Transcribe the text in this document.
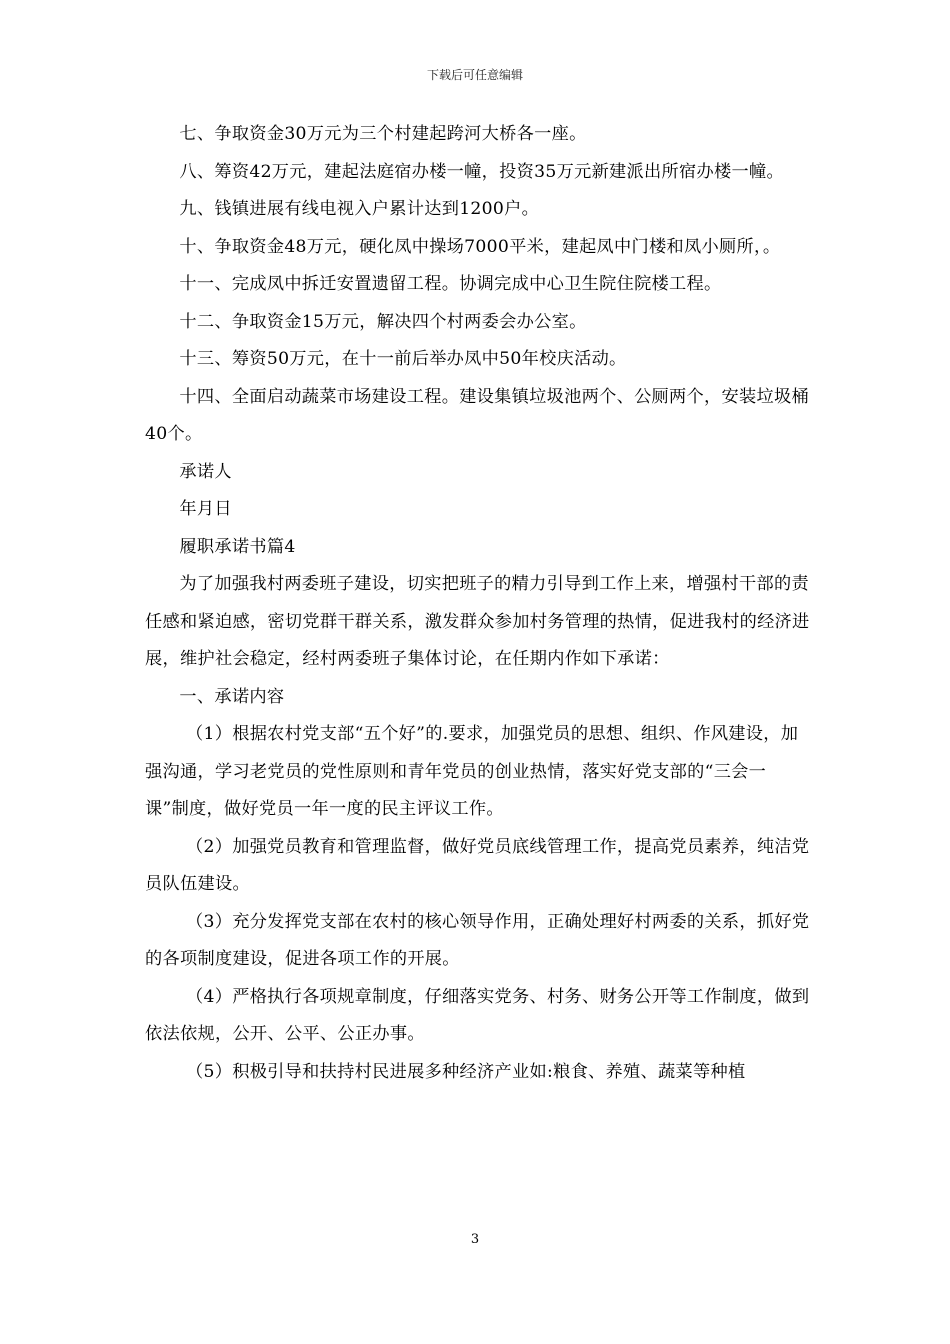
下载后可任意编辑

七、争取资金30万元为三个村建起跨河大桥各一座。

八、筹资42万元，建起法庭宿办楼一幢，投资35万元新建派出所宿办楼一幢。

九、钱镇进展有线电视入户累计达到1200户。

十、争取资金48万元，硬化凤中操场7000平米，建起凤中门楼和凤小厕所，。

十一、完成凤中拆迁安置遗留工程。协调完成中心卫生院住院楼工程。

十二、争取资金15万元，解决四个村两委会办公室。

十三、筹资50万元，在十一前后举办凤中50年校庆活动。

十四、全面启动蔬菜市场建设工程。建设集镇垃圾池两个、公厕两个，安装垃圾桶40个。

承诺人

年月日

履职承诺书篇4

为了加强我村两委班子建设，切实把班子的精力引导到工作上来，增强村干部的责任感和紧迫感，密切党群干群关系，激发群众参加村务管理的热情，促进我村的经济进展，维护社会稳定，经村两委班子集体讨论，在任期内作如下承诺：

一、承诺内容

（1）根据农村党支部“五个好”的.要求，加强党员的思想、组织、作风建设，加强沟通，学习老党员的党性原则和青年党员的创业热情，落实好党支部的“三会一课”制度，做好党员一年一度的民主评议工作。

（2）加强党员教育和管理监督，做好党员底线管理工作，提高党员素养，纯洁党员队伍建设。

（3）充分发挥党支部在农村的核心领导作用，正确处理好村两委的关系，抓好党的各项制度建设，促进各项工作的开展。

（4）严格执行各项规章制度，仔细落实党务、村务、财务公开等工作制度，做到依法依规，公开、公平、公正办事。

（5）积极引导和扶持村民进展多种经济产业如:粮食、养殖、蔬菜等种植

3
